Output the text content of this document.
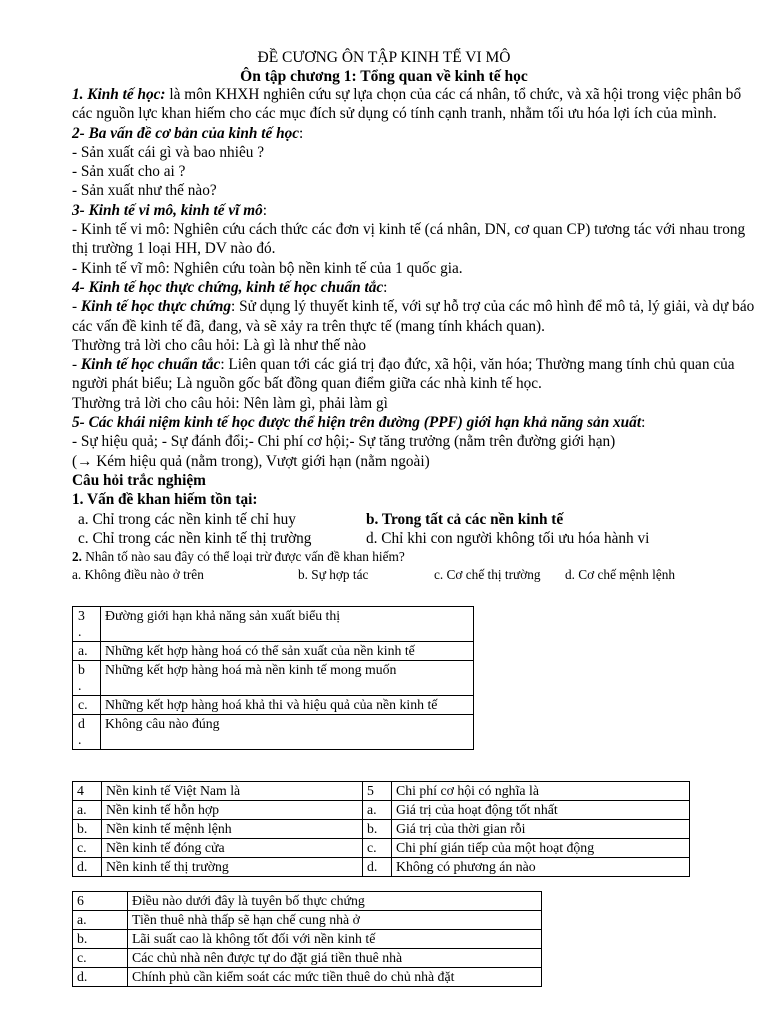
ĐỀ CƯƠNG ÔN TẬP KINH TẾ VI MÔ
Ôn tập chương 1: Tổng quan về kinh tế học

1. Kinh tế học: là môn KHXH nghiên cứu sự lựa chọn của các cá nhân, tổ chức, và xã hội trong việc phân bổ các nguồn lực khan hiếm cho các mục đích sử dụng có tính cạnh tranh, nhằm tối ưu hóa lợi ích của mình.

2- Ba vấn đề cơ bản của kinh tế học:

- Sản xuất cái gì và bao nhiêu ?

- Sản xuất cho ai ?

- Sản xuất như thế nào?

3- Kinh tế vi mô, kinh tế vĩ mô:

- Kinh tế vi mô: Nghiên cứu cách thức các đơn vị kinh tế (cá nhân, DN, cơ quan CP) tương tác với nhau trong thị trường 1 loại HH, DV nào đó.

- Kinh tế vĩ mô: Nghiên cứu toàn bộ nền kinh tế của 1 quốc gia.

4- Kinh tế học thực chứng, kinh tế học chuẩn tắc:

- Kinh tế học thực chứng: Sử dụng lý thuyết kinh tế, với sự hỗ trợ của các mô hình để mô tả, lý giải, và dự báo các vấn đề kinh tế đã, đang, và sẽ xảy ra trên thực tế (mang tính khách quan).

Thường trả lời cho câu hỏi: Là gì là như thế nào

- Kinh tế học chuẩn tắc: Liên quan tới các giá trị đạo đức, xã hội, văn hóa; Thường mang tính chủ quan của người phát biểu; Là nguồn gốc bất đồng quan điểm giữa các nhà kinh tế học.

Thường trả lời cho câu hỏi: Nên làm gì, phải làm gì

5- Các khái niệm kinh tế học được thể hiện trên đường (PPF) giới hạn khả năng sản xuất:

- Sự hiệu quả; - Sự đánh đổi;- Chi phí cơ hội;- Sự tăng trưởng (nằm trên đường giới hạn)

(→ Kém hiệu quả (nằm trong), Vượt giới hạn (nằm ngoài)

Câu hỏi trắc nghiệm

1. Vấn đề khan hiếm tồn tại:

a. Chỉ trong các nền kinh tế chỉ huy	b. Trong tất cả các nền kinh tế
c. Chỉ trong các nền kinh tế thị trường	d. Chỉ khi con người không tối ưu hóa hành vi

2. Nhân tố nào sau đây có thể loại trừ được vấn đề khan hiếm?

a. Không điều nào ở trên	b. Sự hợp tác	c. Cơ chế thị trường d. Cơ chế mệnh lệnh
3
.	Đường giới hạn khả năng sản xuất biểu thị
a.	Những kết hợp hàng hoá có thể sản xuất của nền kinh tế
b
.	Những kết hợp hàng hoá mà nền kinh tế mong muốn
c.	Những kết hợp hàng hoá khả thi và hiệu quả của nền kinh tế
d
.	Không câu nào đúng
4	Nền kinh tế Việt Nam là	5	Chi phí cơ hội có nghĩa là
a.	Nền kinh tế hỗn hợp	a.	Giá trị của hoạt động tốt nhất
b.	Nền kinh tế mệnh lệnh	b.	Giá trị của thời gian rỗi
c.	Nền kinh tế đóng cửa	c.	Chi phí gián tiếp của một hoạt động
d.	Nền kinh tế thị trường	d.	Không có phương án nào
6	Điều nào dưới đây là tuyên bố thực chứng
a.	Tiền thuê nhà thấp sẽ hạn chế cung nhà ở
b.	Lãi suất cao là không tốt đối với nền kinh tế
c.	Các chủ nhà nên được tự do đặt giá tiền thuê nhà
d.	Chính phủ cần kiểm soát các mức tiền thuê do chủ nhà đặt
